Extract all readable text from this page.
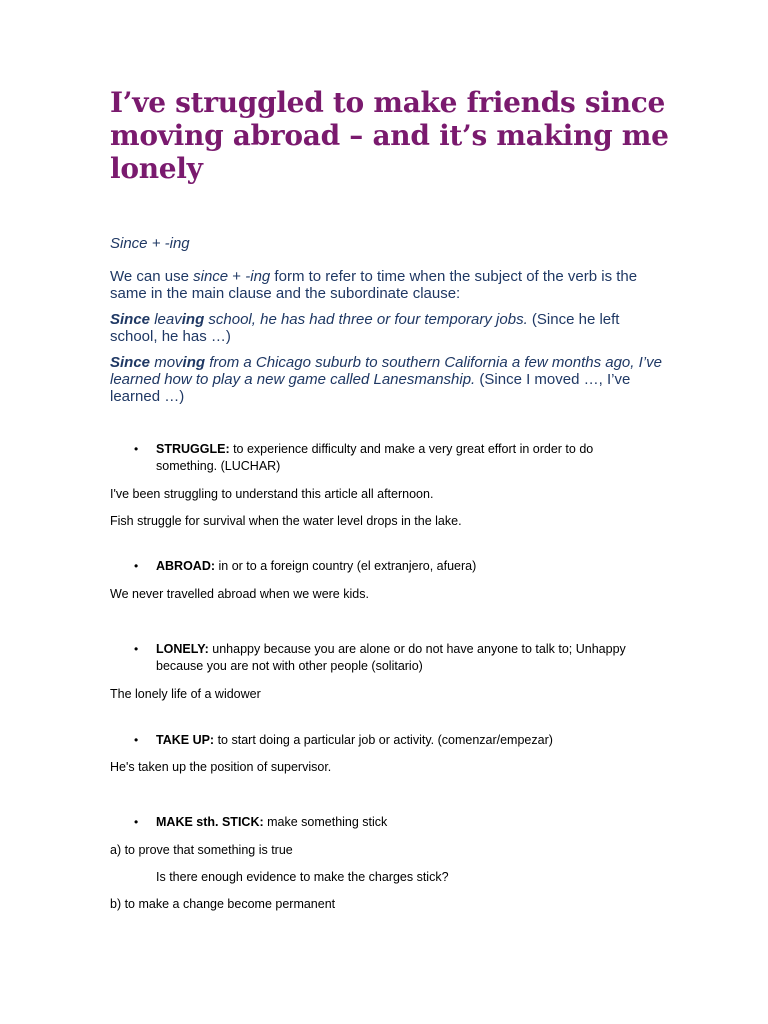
I’ve struggled to make friends since moving abroad – and it’s making me lonely
Since + -ing

We can use since + -ing form to refer to time when the subject of the verb is the same in the main clause and the subordinate clause:

Since leaving school, he has had three or four temporary jobs. (Since he left school, he has …)

Since moving from a Chicago suburb to southern California a few months ago, I’ve learned how to play a new game called Lanesmanship. (Since I moved …, I’ve learned …)

• STRUGGLE: to experience difficulty and make a very great effort in order to do something. (LUCHAR)
I've been struggling to understand this article all afternoon.
Fish struggle for survival when the water level drops in the lake.
• ABROAD: in or to a foreign country (el extranjero, afuera)
We never travelled abroad when we were kids.
• LONELY: unhappy because you are alone or do not have anyone to talk to; Unhappy because you are not with other people (solitario)
The lonely life of a widower
• TAKE UP: to start doing a particular job or activity. (comenzar/empezar)
He's taken up the position of supervisor.
• MAKE sth. STICK: make something stick
a) to prove that something is true
Is there enough evidence to make the charges stick?
b) to make a change become permanent
